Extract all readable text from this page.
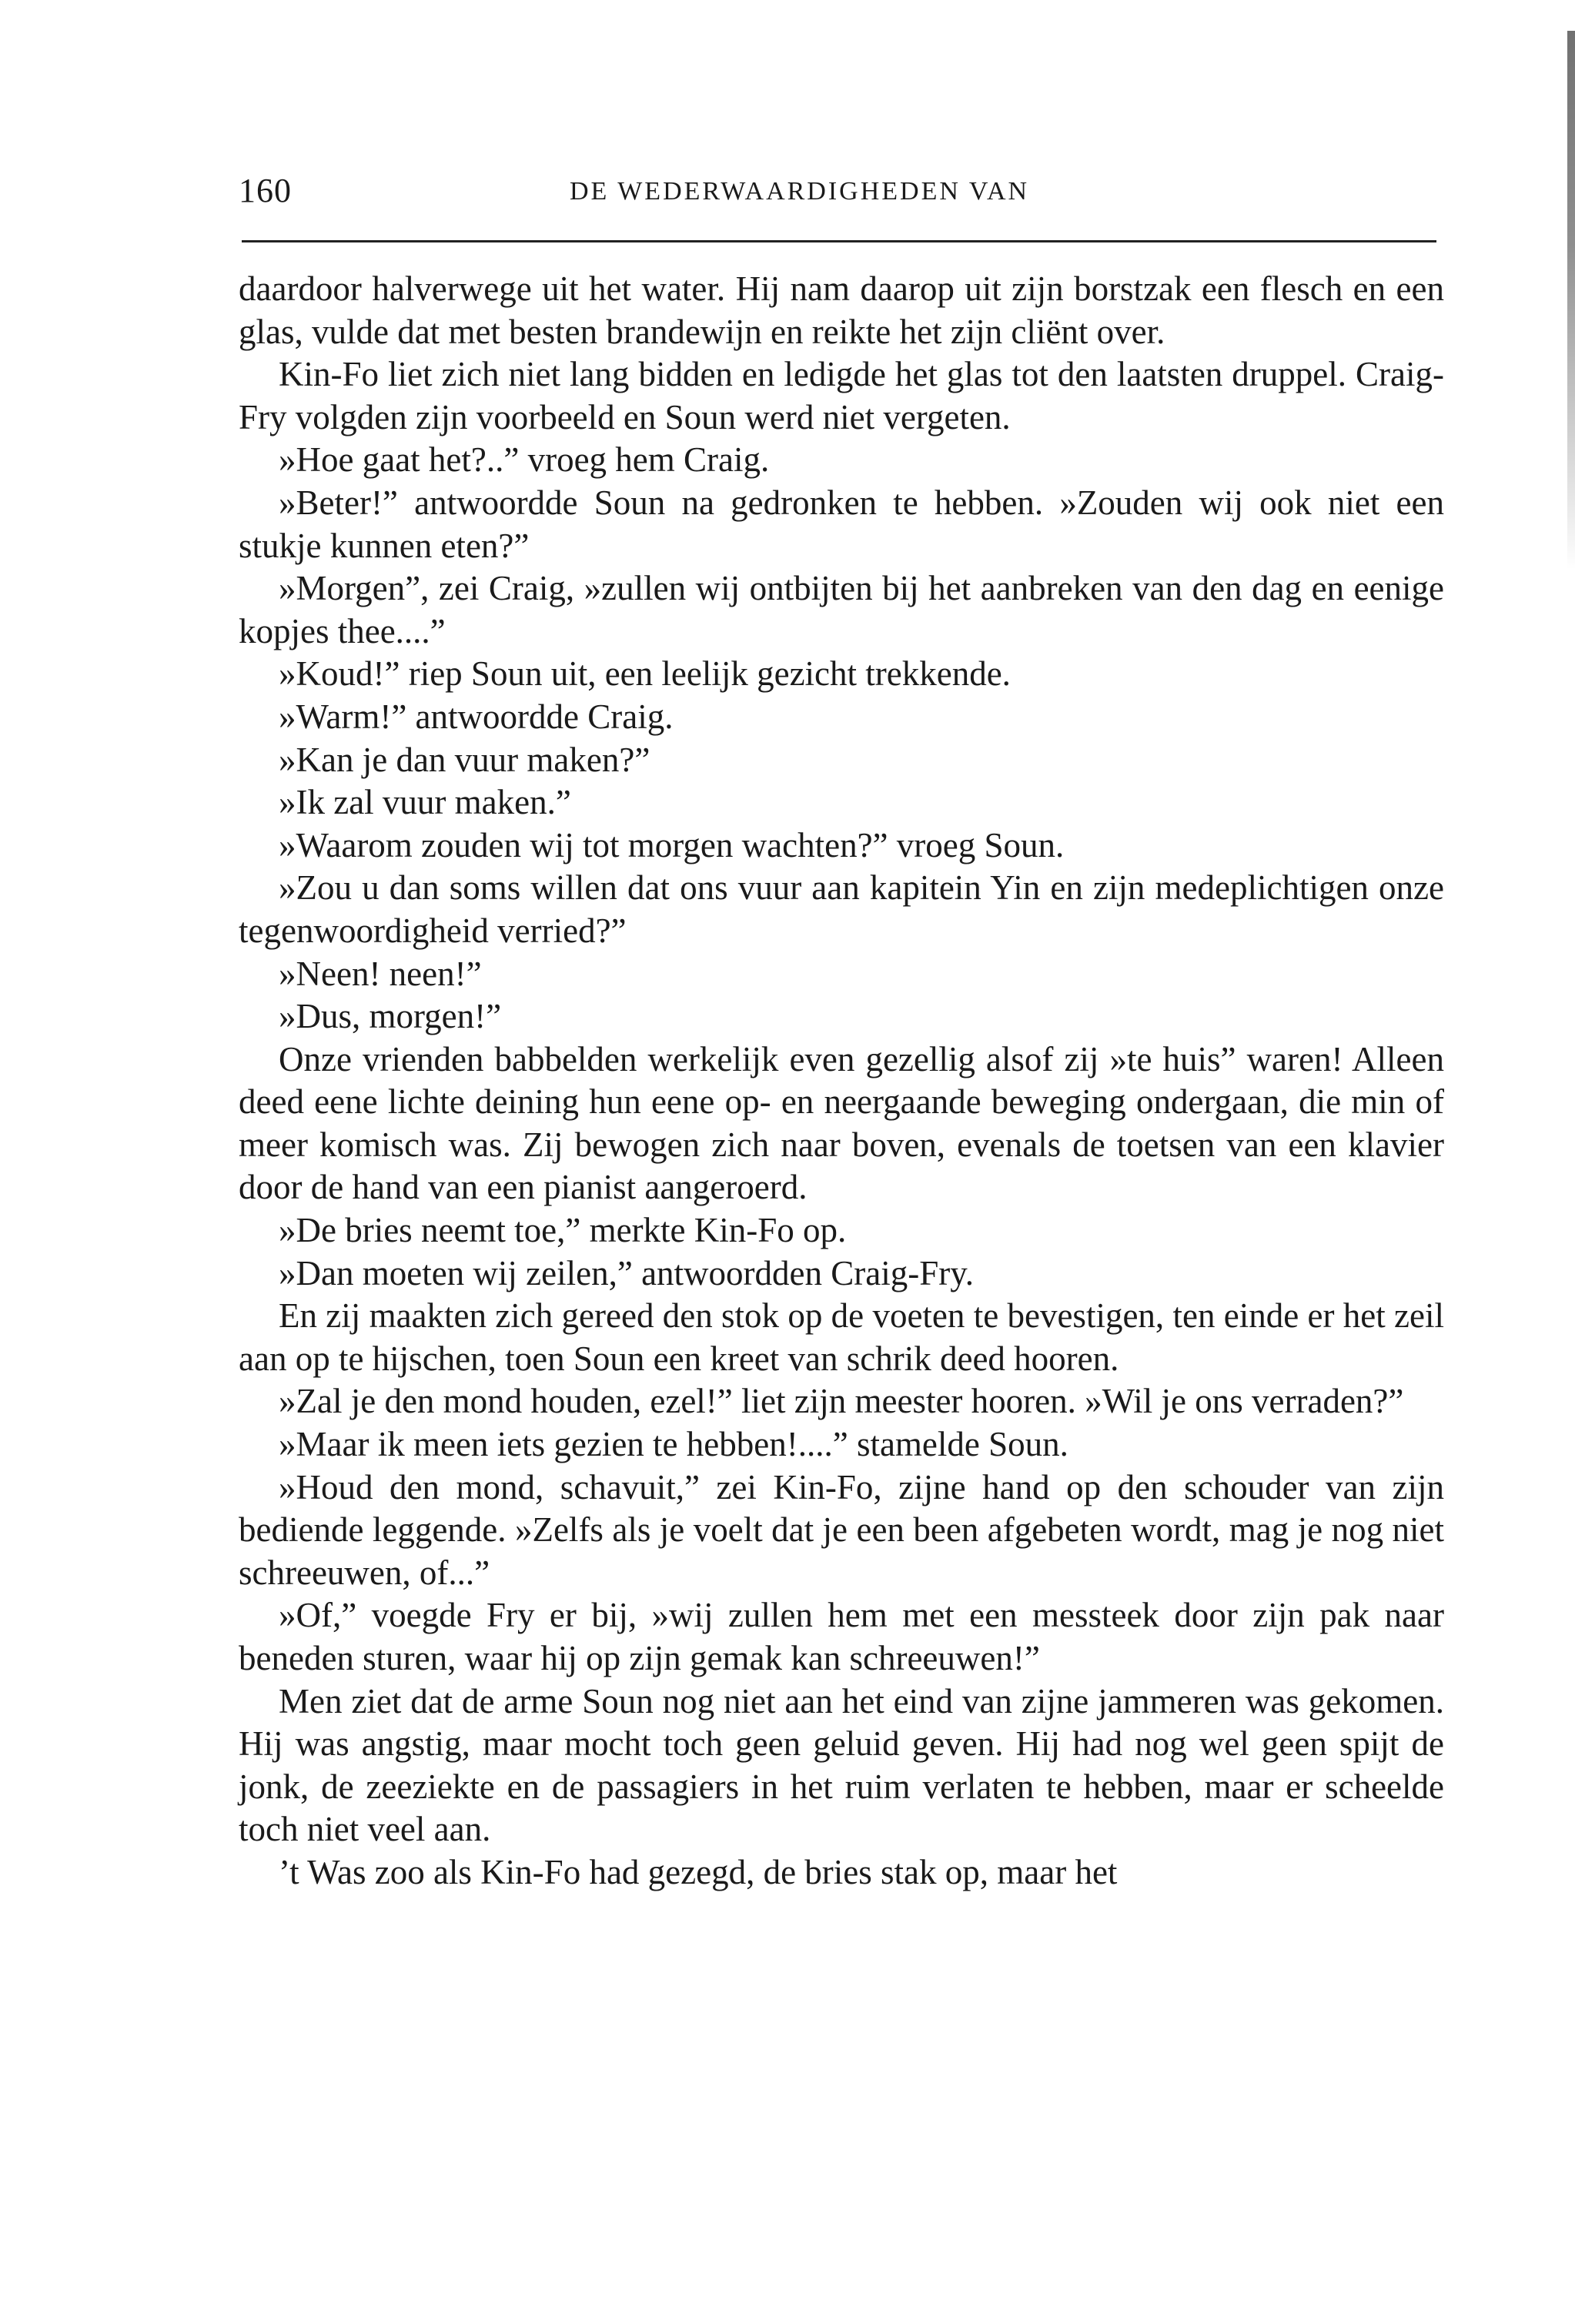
160	DE WEDERWAARDIGHEDEN VAN

daardoor halverwege uit het water. Hij nam daarop uit zijn borstzak een flesch en een glas, vulde dat met besten brandewijn en reikte het zijn cliënt over.

Kin-Fo liet zich niet lang bidden en ledigde het glas tot den laatsten druppel. Craig-Fry volgden zijn voorbeeld en Soun werd niet vergeten.

»Hoe gaat het?..” vroeg hem Craig.

»Beter!” antwoordde Soun na gedronken te hebben. »Zouden wij ook niet een stukje kunnen eten?”

»Morgen”, zei Craig, »zullen wij ontbijten bij het aanbreken van den dag en eenige kopjes thee....”

»Koud!” riep Soun uit, een leelijk gezicht trekkende.

»Warm!” antwoordde Craig.

»Kan je dan vuur maken?”

»Ik zal vuur maken.”

»Waarom zouden wij tot morgen wachten?” vroeg Soun.

»Zou u dan soms willen dat ons vuur aan kapitein Yin en zijn medeplichtigen onze tegenwoordigheid verried?”

»Neen! neen!”

»Dus, morgen!”

Onze vrienden babbelden werkelijk even gezellig alsof zij »te huis” waren! Alleen deed eene lichte deining hun eene op- en neergaande beweging ondergaan, die min of meer komisch was. Zij bewogen zich naar boven, evenals de toetsen van een klavier door de hand van een pianist aangeroerd.

»De bries neemt toe,” merkte Kin-Fo op.

»Dan moeten wij zeilen,” antwoordden Craig-Fry.

En zij maakten zich gereed den stok op de voeten te bevestigen, ten einde er het zeil aan op te hijschen, toen Soun een kreet van schrik deed hooren.

»Zal je den mond houden, ezel!” liet zijn meester hooren. »Wil je ons verraden?”

»Maar ik meen iets gezien te hebben!....” stamelde Soun.

»Houd den mond, schavuit,” zei Kin-Fo, zijne hand op den schouder van zijn bediende leggende. »Zelfs als je voelt dat je een been afgebeten wordt, mag je nog niet schreeuwen, of...”

»Of,” voegde Fry er bij, »wij zullen hem met een messteek door zijn pak naar beneden sturen, waar hij op zijn gemak kan schreeuwen!”

Men ziet dat de arme Soun nog niet aan het eind van zijne jammeren was gekomen. Hij was angstig, maar mocht toch geen geluid geven. Hij had nog wel geen spijt de jonk, de zeeziekte en de passagiers in het ruim verlaten te hebben, maar er scheelde toch niet veel aan.

’t Was zoo als Kin-Fo had gezegd, de bries stak op, maar het
